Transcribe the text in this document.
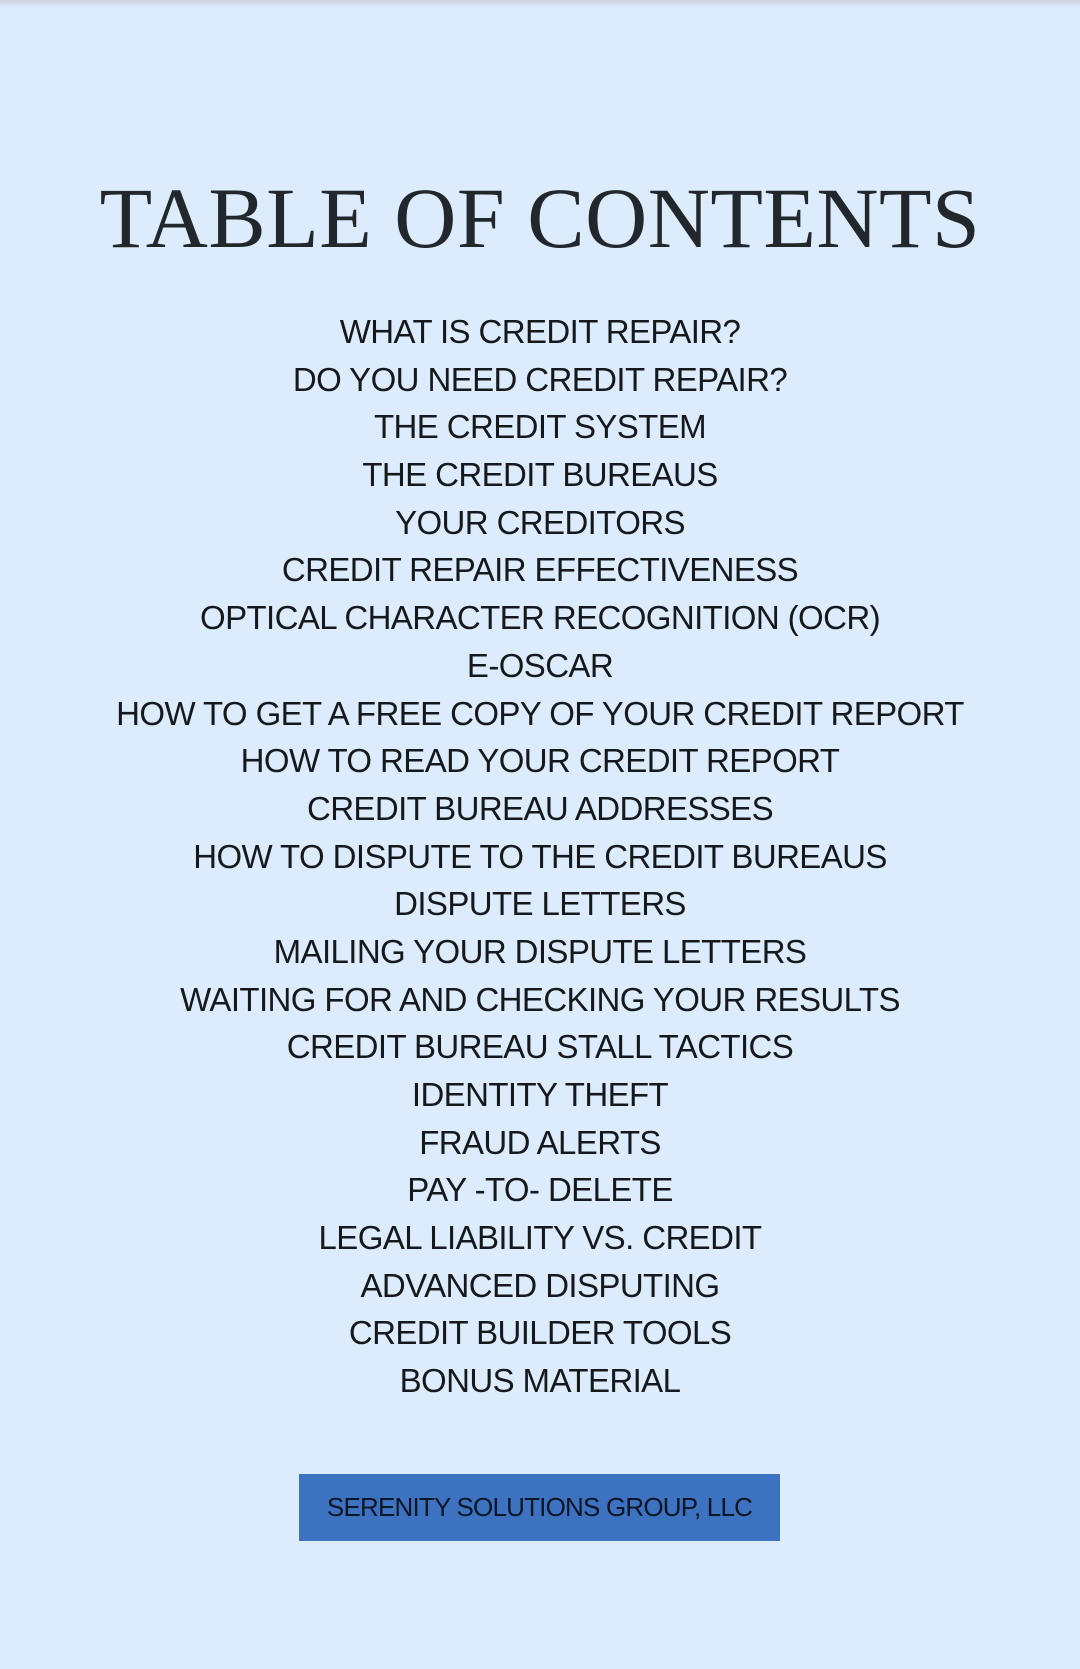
TABLE OF CONTENTS
WHAT IS CREDIT REPAIR?
DO YOU NEED CREDIT REPAIR?
THE CREDIT SYSTEM
THE CREDIT BUREAUS
YOUR CREDITORS
CREDIT REPAIR EFFECTIVENESS
OPTICAL CHARACTER RECOGNITION (OCR)
E-OSCAR
HOW TO GET A FREE COPY OF YOUR CREDIT REPORT
HOW TO READ YOUR CREDIT REPORT
CREDIT BUREAU ADDRESSES
HOW TO DISPUTE TO THE CREDIT BUREAUS
DISPUTE LETTERS
MAILING YOUR DISPUTE LETTERS
WAITING FOR AND CHECKING YOUR RESULTS
CREDIT BUREAU STALL TACTICS
IDENTITY THEFT
FRAUD ALERTS
PAY -TO- DELETE
LEGAL LIABILITY VS. CREDIT
ADVANCED DISPUTING
CREDIT BUILDER TOOLS
BONUS MATERIAL
SERENITY SOLUTIONS GROUP, LLC
